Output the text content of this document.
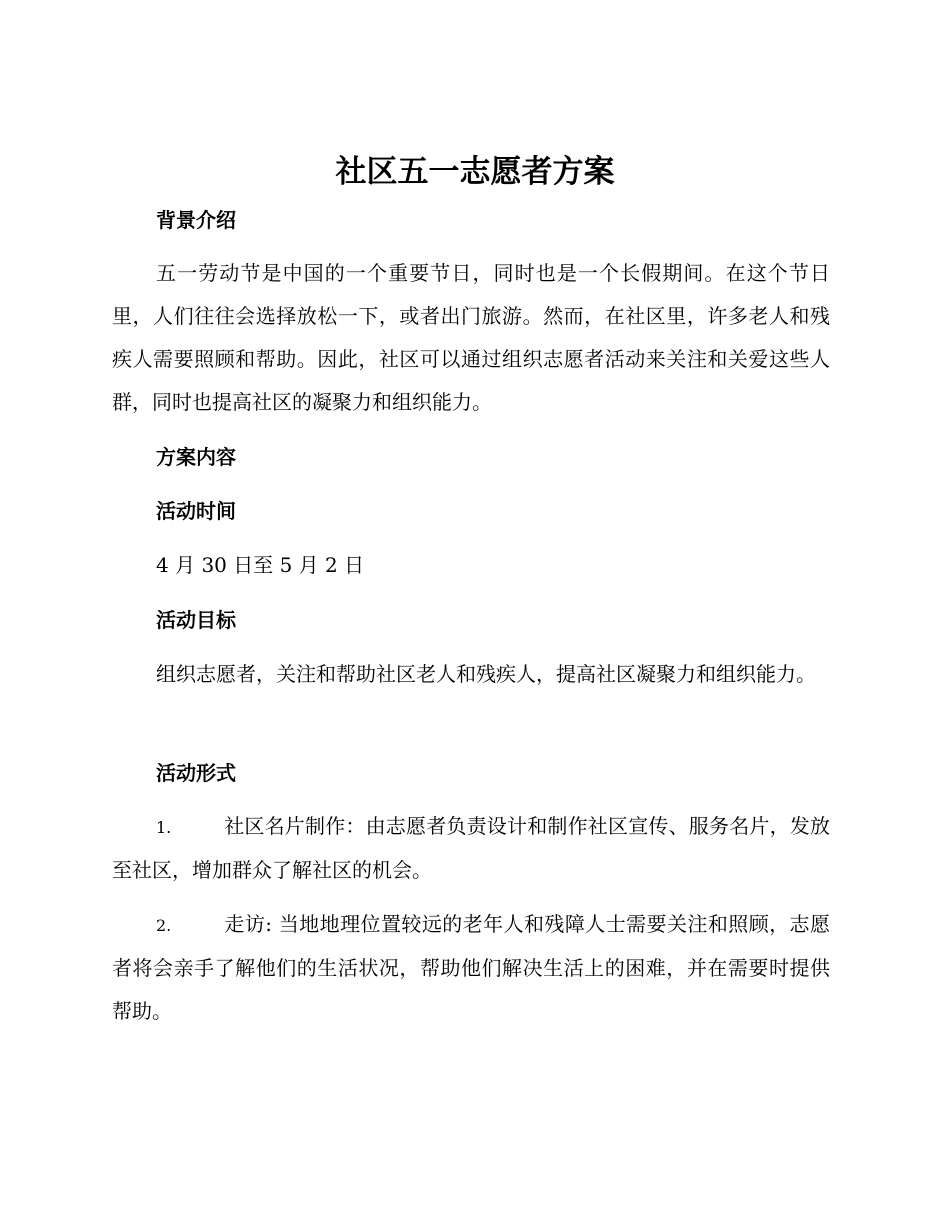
社区五一志愿者方案
背景介绍

五一劳动节是中国的一个重要节日，同时也是一个长假期间。在这个节日里，人们往往会选择放松一下，或者出门旅游。然而，在社区里，许多老人和残疾人需要照顾和帮助。因此，社区可以通过组织志愿者活动来关注和关爱这些人群，同时也提高社区的凝聚力和组织能力。

方案内容
活动时间

4 月 30 日至 5 月 2 日

活动目标

组织志愿者，关注和帮助社区老人和残疾人，提高社区凝聚力和组织能力。

活动形式

1.	社区名片制作：由志愿者负责设计和制作社区宣传、服务名片，发放至社区，增加群众了解社区的机会。

2.	走访: 当地地理位置较远的老年人和残障人士需要关注和照顾，志愿者将会亲手了解他们的生活状况，帮助他们解决生活上的困难，并在需要时提供帮助。
